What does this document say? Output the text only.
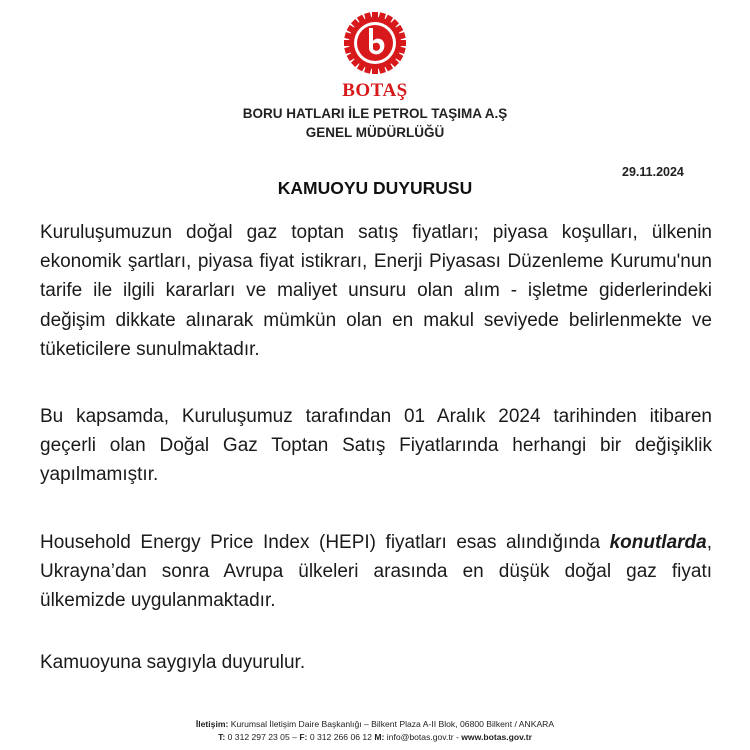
BOTAŞ
BORU HATLARI İLE PETROL TAŞIMA A.Ş
GENEL MÜDÜRLÜĞÜ
29.11.2024
KAMUOYU DUYURUSU
Kuruluşumuzun doğal gaz toptan satış fiyatları; piyasa koşulları, ülkenin ekonomik şartları, piyasa fiyat istikrarı, Enerji Piyasası Düzenleme Kurumu'nun tarife ile ilgili kararları ve maliyet unsuru olan alım - işletme giderlerindeki değişim dikkate alınarak mümkün olan en makul seviyede belirlenmekte ve tüketicilere sunulmaktadır.
Bu kapsamda, Kuruluşumuz tarafından 01 Aralık 2024 tarihinden itibaren geçerli olan Doğal Gaz Toptan Satış Fiyatlarında herhangi bir değişiklik yapılmamıştır.
Household Energy Price Index (HEPI) fiyatları esas alındığında konutlarda, Ukrayna’dan sonra Avrupa ülkeleri arasında en düşük doğal gaz fiyatı ülkemizde uygulanmaktadır.
Kamuoyuna saygıyla duyurulur.
İletişim: Kurumsal İletişim Daire Başkanlığı – Bilkent Plaza A-II Blok, 06800 Bilkent / ANKARA
T: 0 312 297 23 05 – F: 0 312 266 06 12 M: info@botas.gov.tr - www.botas.gov.tr
